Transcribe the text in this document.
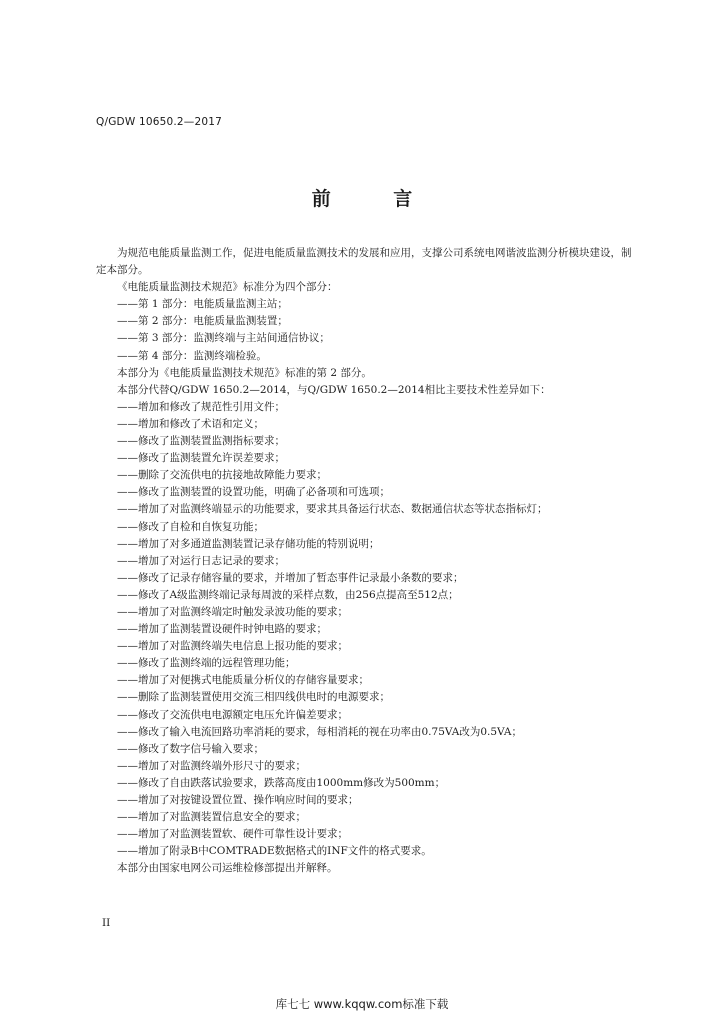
Q/GDW 10650.2—2017
前 言

为规范电能质量监测工作，促进电能质量监测技术的发展和应用，支撑公司系统电网谐波监测分析模块建设，制定本部分。

《电能质量监测技术规范》标准分为四个部分：

——第 1 部分：电能质量监测主站；

——第 2 部分：电能质量监测装置；

——第 3 部分：监测终端与主站间通信协议；

——第 4 部分：监测终端检验。

本部分为《电能质量监测技术规范》标准的第 2 部分。

本部分代替Q/GDW 1650.2—2014，与Q/GDW 1650.2—2014相比主要技术性差异如下：

——增加和修改了规范性引用文件；

——增加和修改了术语和定义；

——修改了监测装置监测指标要求；

——修改了监测装置允许误差要求；

——删除了交流供电的抗接地故障能力要求；

——修改了监测装置的设置功能，明确了必备项和可选项；

——增加了对监测终端显示的功能要求，要求其具备运行状态、数据通信状态等状态指标灯；

——修改了自检和自恢复功能；

——增加了对多通道监测装置记录存储功能的特别说明；

——增加了对运行日志记录的要求；

——修改了记录存储容量的要求，并增加了暂态事件记录最小条数的要求；

——修改了A级监测终端记录每周波的采样点数，由256点提高至512点；

——增加了对监测终端定时触发录波功能的要求；

——增加了监测装置设硬件时钟电路的要求；

——增加了对监测终端失电信息上报功能的要求；

——修改了监测终端的远程管理功能；

——增加了对便携式电能质量分析仪的存储容量要求；

——删除了监测装置使用交流三相四线供电时的电源要求；

——修改了交流供电电源额定电压允许偏差要求；

——修改了输入电流回路功率消耗的要求，每相消耗的视在功率由0.75VA改为0.5VA；

——修改了数字信号输入要求；

——增加了对监测终端外形尺寸的要求；

——修改了自由跌落试验要求，跌落高度由1000mm修改为500mm；

——增加了对按键设置位置、操作响应时间的要求；

——增加了对监测装置信息安全的要求；

——增加了对监测装置软、硬件可靠性设计要求；

——增加了附录B中COMTRADE数据格式的INF文件的格式要求。

本部分由国家电网公司运维检修部提出并解释。

II
库七七 www.kqqw.com标准下载
